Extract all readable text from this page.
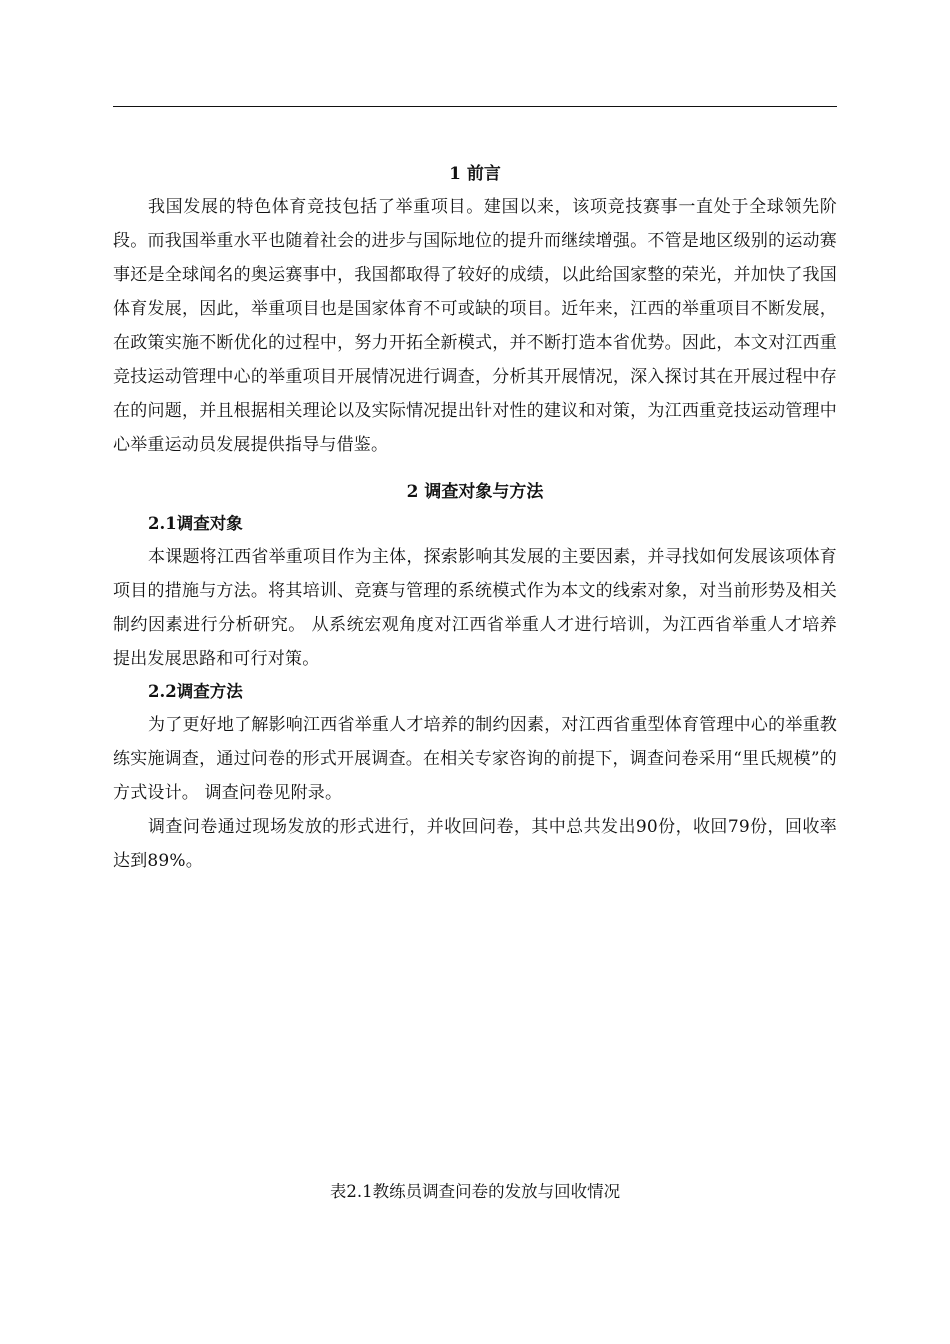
1 前言

我国发展的特色体育竞技包括了举重项目。建国以来，该项竞技赛事一直处于全球领先阶段。而我国举重水平也随着社会的进步与国际地位的提升而继续增强。不管是地区级别的运动赛事还是全球闻名的奥运赛事中，我国都取得了较好的成绩，以此给国家整的荣光，并加快了我国体育发展，因此，举重项目也是国家体育不可或缺的项目。近年来，江西的举重项目不断发展，在政策实施不断优化的过程中，努力开拓全新模式，并不断打造本省优势。因此，本文对江西重竞技运动管理中心的举重项目开展情况进行调查，分析其开展情况，深入探讨其在开展过程中存在的问题，并且根据相关理论以及实际情况提出针对性的建议和对策，为江西重竞技运动管理中心举重运动员发展提供指导与借鉴。

2 调查对象与方法
2.1调查对象

本课题将江西省举重项目作为主体，探索影响其发展的主要因素，并寻找如何发展该项体育项目的措施与方法。将其培训、竞赛与管理的系统模式作为本文的线索对象，对当前形势及相关制约因素进行分析研究。 从系统宏观角度对江西省举重人才进行培训，为江西省举重人才培养提出发展思路和可行对策。

2.2调查方法

为了更好地了解影响江西省举重人才培养的制约因素，对江西省重型体育管理中心的举重教练实施调查，通过问卷的形式开展调查。在相关专家咨询的前提下，调查问卷采用“里氏规模”的方式设计。 调查问卷见附录。

调查问卷通过现场发放的形式进行，并收回问卷，其中总共发出90份，收回79份，回收率达到89%。

表2.1教练员调查问卷的发放与回收情况
